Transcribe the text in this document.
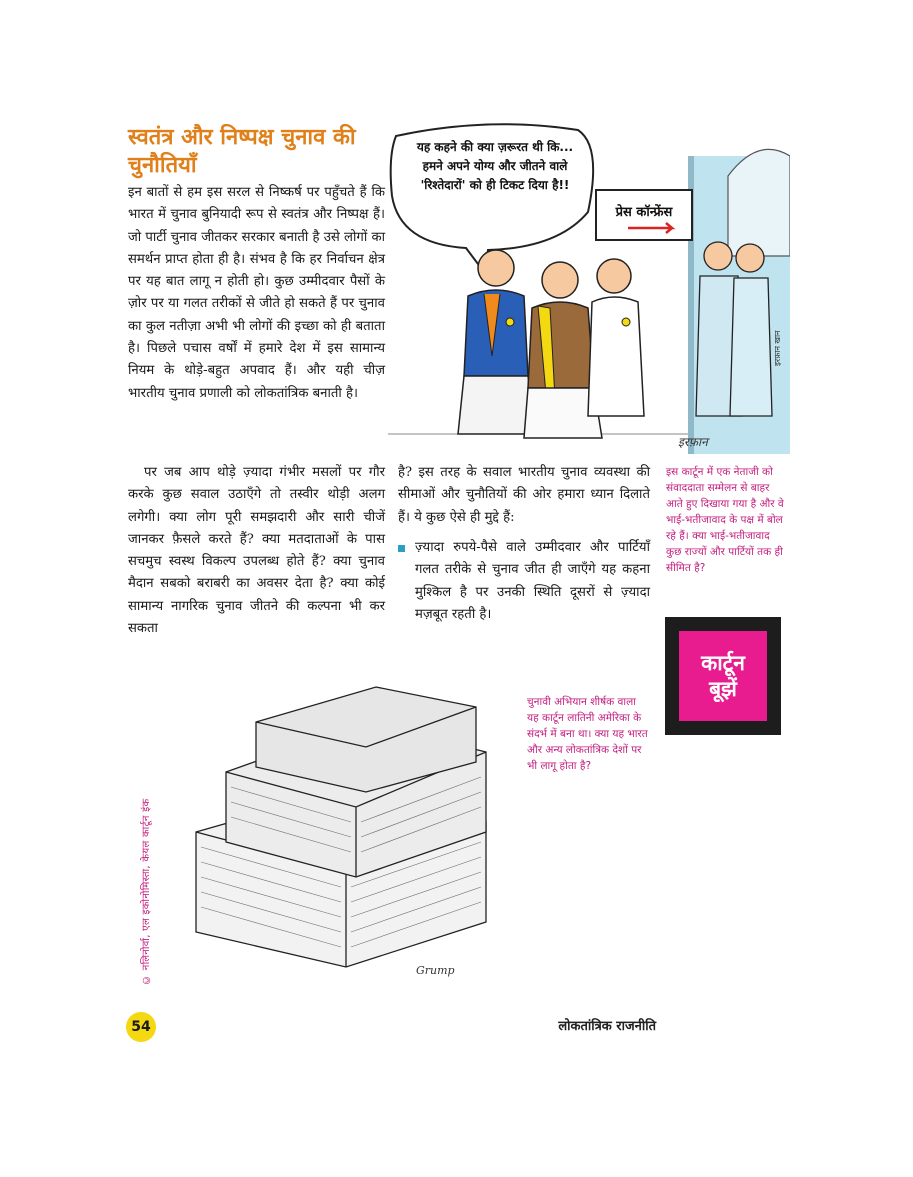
स्वतंत्र और निष्पक्ष चुनाव की चुनौतियाँ

इन बातों से हम इस सरल से निष्कर्ष पर पहुँचते हैं कि भारत में चुनाव बुनियादी रूप से स्वतंत्र और निष्पक्ष हैं। जो पार्टी चुनाव जीतकर सरकार बनाती है उसे लोगों का समर्थन प्राप्त होता ही है। संभव है कि हर निर्वाचन क्षेत्र पर यह बात लागू न होती हो। कुछ उम्मीदवार पैसों के ज़ोर पर या गलत तरीकों से जीते हो सकते हैं पर चुनाव का कुल नतीज़ा अभी भी लोगों की इच्छा को ही बताता है। पिछले पचास वर्षों में हमारे देश में इस सामान्य नियम के थोड़े-बहुत अपवाद हैं। और यही चीज़ भारतीय चुनाव प्रणाली को लोकतांत्रिक बनाती है।

पर जब आप थोड़े ज़्यादा गंभीर मसलों पर गौर करके कुछ सवाल उठाएँगे तो तस्वीर थोड़ी अलग लगेगी। क्या लोग पूरी समझदारी और सारी चीजें जानकर फ़ैसले करते हैं? क्या मतदाताओं के पास सचमुच स्वस्थ विकल्प उपलब्ध होते हैं? क्या चुनाव मैदान सबको बराबरी का अवसर देता है? क्या कोई सामान्य नागरिक चुनाव जीतने की कल्पना भी कर सकता

है? इस तरह के सवाल भारतीय चुनाव व्यवस्था की सीमाओं और चुनौतियों की ओर हमारा ध्यान दिलाते हैं। ये कुछ ऐसे ही मुद्दे हैं:

ज़्यादा रुपये-पैसे वाले उम्मीदवार और पार्टियाँ गलत तरीके से चुनाव जीत ही जाएँगे यह कहना मुश्किल है पर उनकी स्थिति दूसरों से ज़्यादा मज़बूत रहती है।

प्रेस कॉन्फ्रेंस
यह कहने की क्या ज़रूरत थी कि... हमने अपने योग्य और जीतने वाले 'रिश्तेदारों' को ही टिकट दिया है!!
इरफ़ान खान
इरफ़ान

इस कार्टून में एक नेताजी को संवाददाता सम्मेलन से बाहर आते हुए दिखाया गया है और वे भाई-भतीजावाद के पक्ष में बोल रहे हैं। क्या भाई-भतीजावाद कुछ राज्यों और पार्टियों तक ही सीमित है?

कार्टून
बूझें
Grump

चुनावी अभियान शीर्षक वाला यह कार्टून लातिनी अमेरिका के संदर्भ में बना था। क्या यह भारत और अन्य लोकतांत्रिक देशों पर भी लागू होता है?

© नलिनोर्वा, एल इकोनोमिस्ता, केयल कार्टून इंक
54	लोकतांत्रिक राजनीति
